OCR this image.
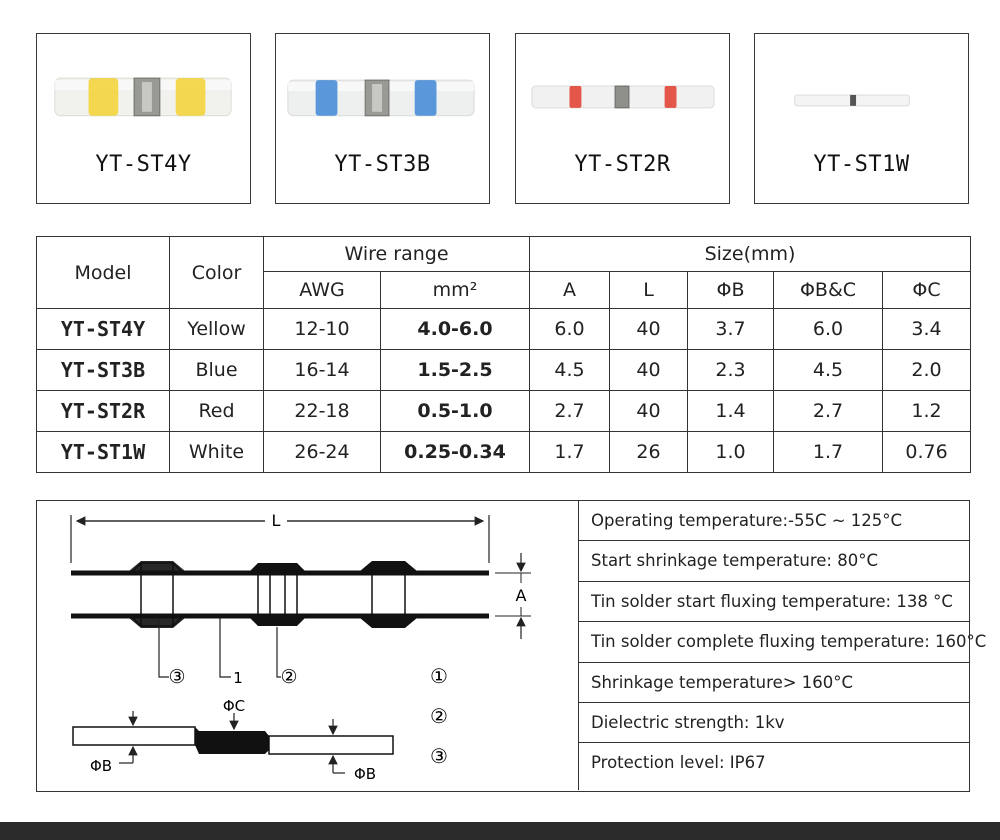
YT-ST4Y	YT-ST3B	YT-ST2R	YT-ST1W
Model	Color	Wire range		Size(mm)				
		AWG	mm²	A	L	ΦB	ΦB&C	ΦC
YT-ST4Y	Yellow	12-10	4.0-6.0	6.0	40	3.7	6.0	3.4
YT-ST3B	Blue	16-14	1.5-2.5	4.5	40	2.3	4.5	2.0
YT-ST2R	Red	22-18	0.5-1.0	2.7	40	1.4	2.7	1.2
YT-ST1W	White	26-24	0.25-0.34	1.7	26	1.0	1.7	0.76
L
A
③	1 ②	①
②
③
ΦC
ΦB	ΦB
Operating temperature:-55C ~ 125°C
Start shrinkage temperature: 80°C
Tin solder start fluxing temperature: 138 °C
Tin solder complete fluxing temperature: 160°C
Shrinkage temperature> 160°C
Dielectric strength: 1kv
Protection level: IP67
